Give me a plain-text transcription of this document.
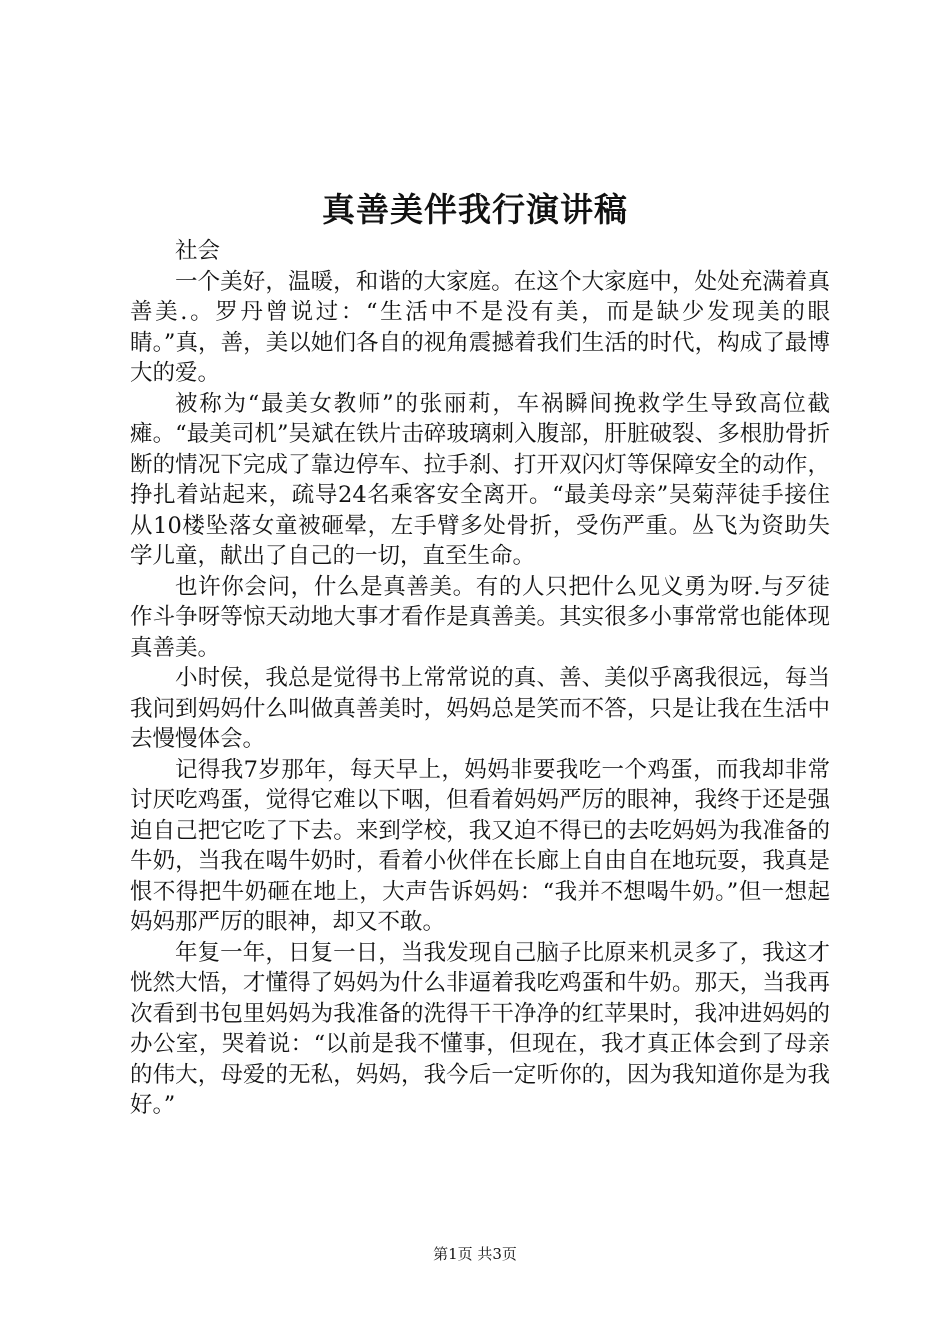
真善美伴我行演讲稿

社会

一个美好，温暖，和谐的大家庭。在这个大家庭中，处处充满着真善美.。罗丹曾说过：“生活中不是没有美，而是缺少发现美的眼睛。”真，善，美以她们各自的视角震撼着我们生活的时代，构成了最博大的爱。

被称为“最美女教师”的张丽莉，车祸瞬间挽救学生导致高位截瘫。“最美司机”吴斌在铁片击碎玻璃刺入腹部，肝脏破裂、多根肋骨折断的情况下完成了靠边停车、拉手刹、打开双闪灯等保障安全的动作，挣扎着站起来，疏导24名乘客安全离开。“最美母亲”吴菊萍徒手接住从10楼坠落女童被砸晕，左手臂多处骨折，受伤严重。丛飞为资助失学儿童，献出了自己的一切，直至生命。

也许你会问，什么是真善美。有的人只把什么见义勇为呀.与歹徒作斗争呀等惊天动地大事才看作是真善美。其实很多小事常常也能体现真善美。

小时侯，我总是觉得书上常常说的真、善、美似乎离我很远，每当我问到妈妈什么叫做真善美时，妈妈总是笑而不答，只是让我在生活中去慢慢体会。

记得我7岁那年，每天早上，妈妈非要我吃一个鸡蛋，而我却非常讨厌吃鸡蛋，觉得它难以下咽，但看着妈妈严厉的眼神，我终于还是强迫自己把它吃了下去。来到学校，我又迫不得已的去吃妈妈为我准备的牛奶，当我在喝牛奶时，看着小伙伴在长廊上自由自在地玩耍，我真是恨不得把牛奶砸在地上，大声告诉妈妈：“我并不想喝牛奶。”但一想起妈妈那严厉的眼神，却又不敢。

年复一年，日复一日，当我发现自己脑子比原来机灵多了，我这才恍然大悟，才懂得了妈妈为什么非逼着我吃鸡蛋和牛奶。那天，当我再次看到书包里妈妈为我准备的洗得干干净净的红苹果时，我冲进妈妈的办公室，哭着说：“以前是我不懂事，但现在，我才真正体会到了母亲的伟大，母爱的无私，妈妈，我今后一定听你的，因为我知道你是为我好。”

第1页 共3页
